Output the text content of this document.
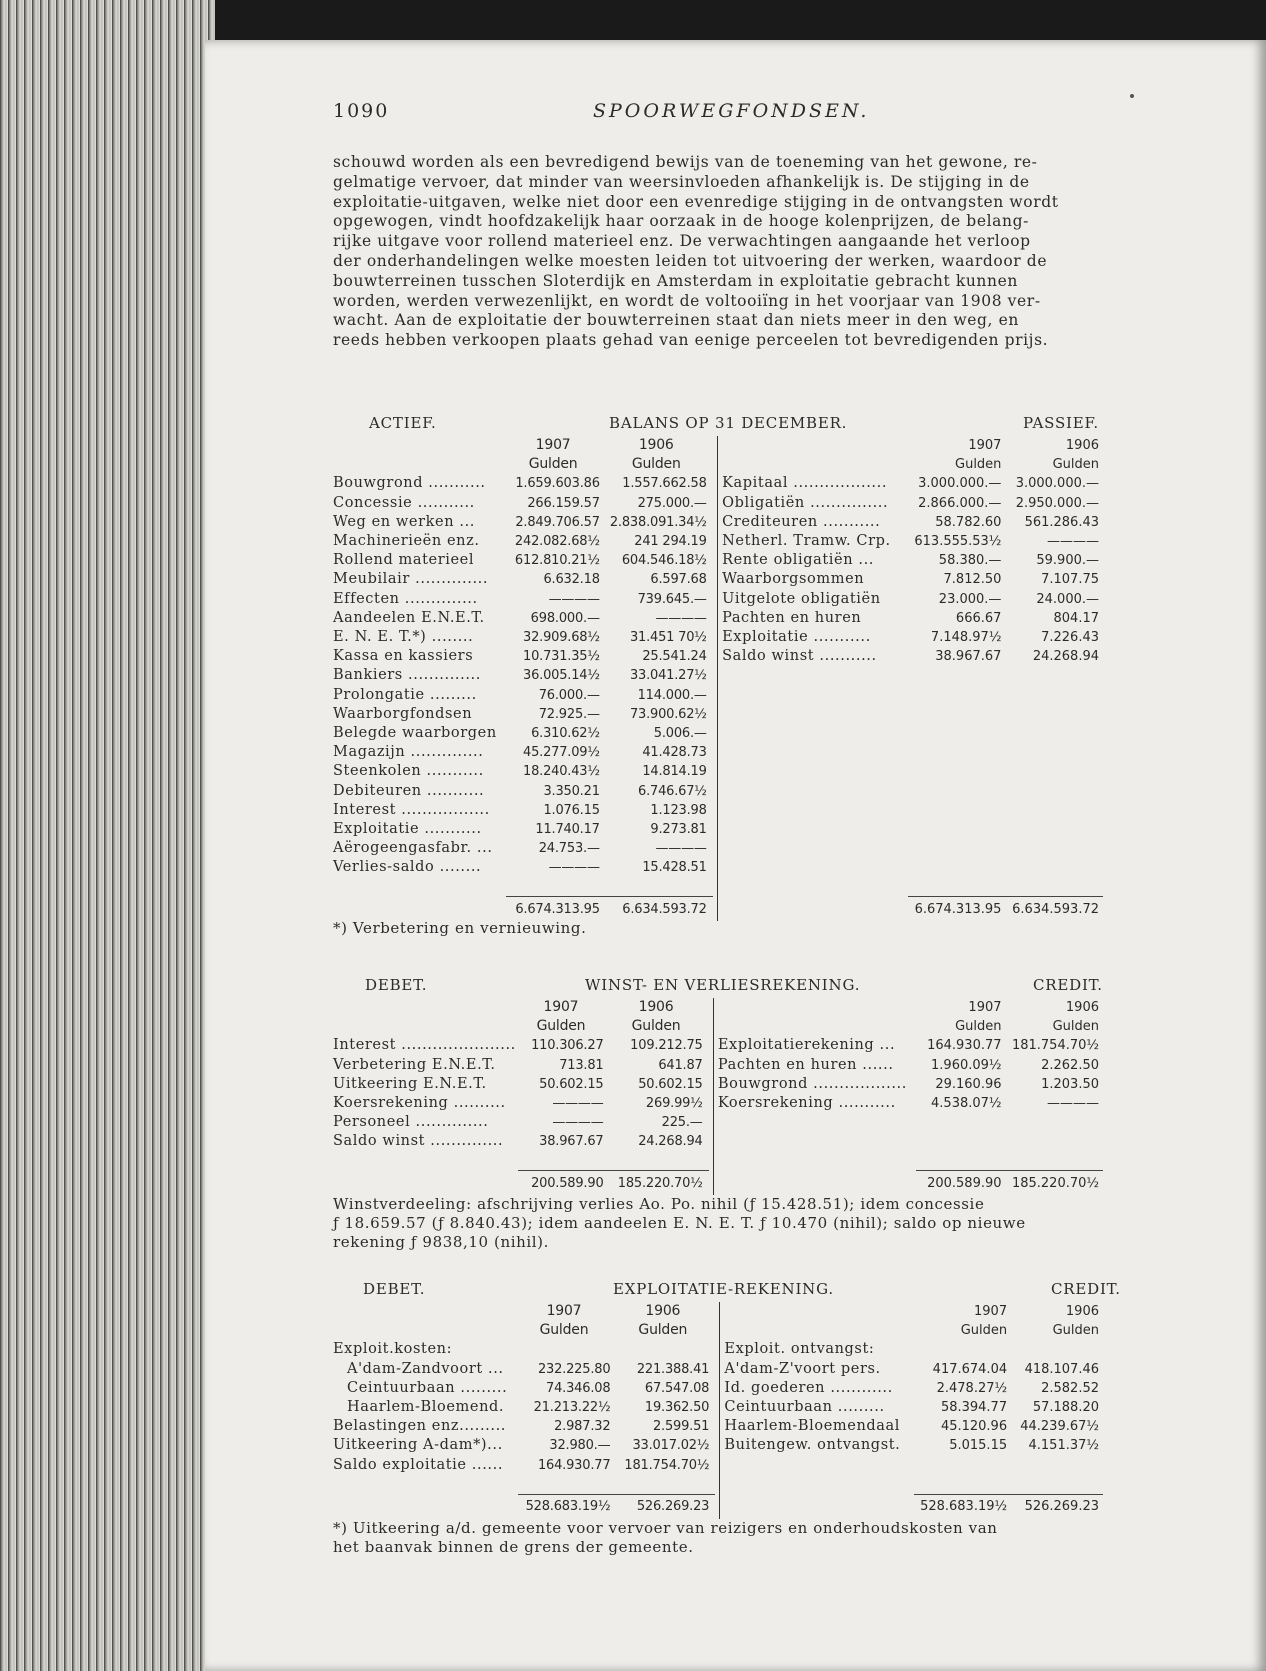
1090	SPOORWEGFONDSEN.
schouwd worden als een bevredigend bewijs van de toeneming van het gewone, re-
gelmatige vervoer, dat minder van weersinvloeden afhankelijk is. De stijging in de
exploitatie-uitgaven, welke niet door een evenredige stijging in de ontvangsten wordt
opgewogen, vindt hoofdzakelijk haar oorzaak in de hooge kolenprijzen, de belang-
rijke uitgave voor rollend materieel enz. De verwachtingen aangaande het verloop
der onderhandelingen welke moesten leiden tot uitvoering der werken, waardoor de
bouwterreinen tusschen Sloterdijk en Amsterdam in exploitatie gebracht kunnen
worden, werden verwezenlijkt, en wordt de voltooiïng in het voorjaar van 1908 ver-
wacht. Aan de exploitatie der bouwterreinen staat dan niets meer in den weg, en
reeds hebben verkoopen plaats gehad van eenige perceelen tot bevredigenden prijs.
ACTIEF.	BALANS OP 31 DECEMBER.	PASSIEF.
	1907	1906			1907	1906
	Gulden	Gulden			Gulden	Gulden
Bouwgrond ...........	1.659.603.86	1.557.662.58		Kapitaal ..................	3.000.000.—	3.000.000.—
Concessie ...........	266.159.57	275.000.—		Obligatiën ...............	2.866.000.—	2.950.000.—
Weg en werken ...	2.849.706.57	2.838.091.34½		Crediteuren ...........	58.782.60	561.286.43
Machinerieën enz.	242.082.68½	241 294.19		Netherl. Tramw. Crp.	613.555.53½	————
Rollend materieel	612.810.21½	604.546.18½		Rente obligatiën ...	58.380.—	59.900.—
Meubilair ..............	6.632.18	6.597.68		Waarborgsommen	7.812.50	7.107.75
Effecten ..............	————	739.645.—		Uitgelote obligatiën	23.000.—	24.000.—
Aandeelen E.N.E.T.	698.000.—	————		Pachten en huren	666.67	804.17
E. N. E. T.*) ........	32.909.68½	31.451 70½		Exploitatie ...........	7.148.97½	7.226.43
Kassa en kassiers	10.731.35½	25.541.24		Saldo winst ...........	38.967.67	24.268.94
Bankiers ..............	36.005.14½	33.041.27½				
Prolongatie .........	76.000.—	114.000.—				
Waarborgfondsen	72.925.—	73.900.62½				
Belegde waarborgen	6.310.62½	5.006.—				
Magazijn ..............	45.277.09½	41.428.73				
Steenkolen ...........	18.240.43½	14.814.19				
Debiteuren ...........	3.350.21	6.746.67½				
Interest .................	1.076.15	1.123.98				
Exploitatie ...........	11.740.17	9.273.81				
Aërogeengasfabr. ...	24.753.—	————				
Verlies-saldo ........	————	15.428.51				

	6.674.313.95	6.634.593.72			6.674.313.95	6.634.593.72
*) Verbetering en vernieuwing.
DEBET.	WINST- EN VERLIESREKENING.	CREDIT.
	1907	1906			1907	1906
	Gulden	Gulden			Gulden	Gulden
Interest ......................	110.306.27	109.212.75		Exploitatierekening ...	164.930.77	181.754.70½
Verbetering E.N.E.T.	713.81	641.87		Pachten en huren ......	1.960.09½	2.262.50
Uitkeering E.N.E.T.	50.602.15	50.602.15		Bouwgrond ..................	29.160.96	1.203.50
Koersrekening ..........	————	269.99½		Koersrekening ...........	4.538.07½	————
Personeel ..............	————	225.—				
Saldo winst ..............	38.967.67	24.268.94				

	200.589.90	185.220.70½			200.589.90	185.220.70½
Winstverdeeling: afschrijving verlies Ao. Po. nihil (ƒ 15.428.51); idem concessie
ƒ 18.659.57 (ƒ 8.840.43); idem aandeelen E. N. E. T. ƒ 10.470 (nihil); saldo op nieuwe
rekening ƒ 9838,10 (nihil).
DEBET.	EXPLOITATIE-REKENING.	CREDIT.
	1907	1906			1907	1906
	Gulden	Gulden			Gulden	Gulden
Exploit.kosten:				Exploit. ontvangst:		
A'dam-Zandvoort ...	232.225.80	221.388.41		A'dam-Z'voort pers.	417.674.04	418.107.46
Ceintuurbaan .........	74.346.08	67.547.08		Id. goederen ............	2.478.27½	2.582.52
Haarlem-Bloemend.	21.213.22½	19.362.50		Ceintuurbaan .........	58.394.77	57.188.20
Belastingen enz.........	2.987.32	2.599.51		Haarlem-Bloemendaal	45.120.96	44.239.67½
Uitkeering A-dam*)...	32.980.—	33.017.02½		Buitengew. ontvangst.	5.015.15	4.151.37½
Saldo exploitatie ......	164.930.77	181.754.70½				

	528.683.19½	526.269.23			528.683.19½	526.269.23
*) Uitkeering a/d. gemeente voor vervoer van reizigers en onderhoudskosten van
het baanvak binnen de grens der gemeente.
